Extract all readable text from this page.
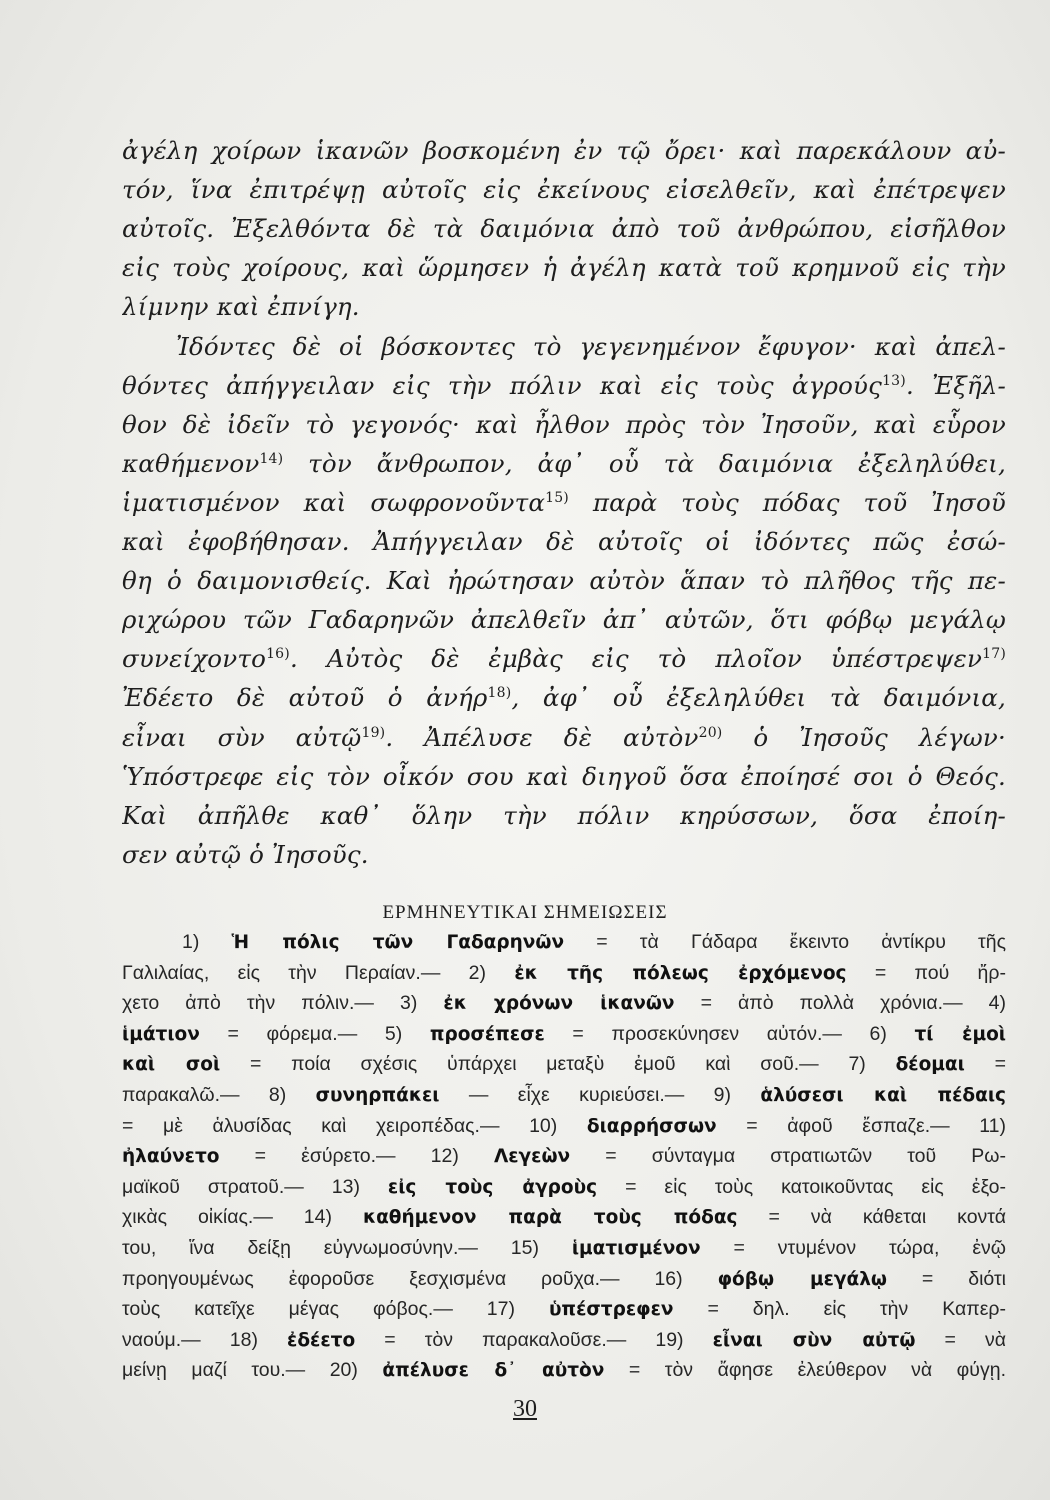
ἀγέλη χοίρων ἱκανῶν βοσκομένη ἐν τῷ ὄρει· καὶ παρεκάλουν αὐ-
τόν, ἵνα ἐπιτρέψῃ αὐτοῖς εἰς ἐκείνους εἰσελθεῖν, καὶ ἐπέτρεψεν
αὐτοῖς. Ἐξελθόντα δὲ τὰ δαιμόνια ἀπὸ τοῦ ἀνθρώπου, εἰσῆλθον
εἰς τοὺς χοίρους, καὶ ὥρμησεν ἡ ἀγέλη κατὰ τοῦ κρημνοῦ εἰς τὴν
λίμνην καὶ ἐπνίγη.
Ἰδόντες δὲ οἱ βόσκοντες τὸ γεγενημένον ἔφυγον· καὶ ἀπελ-
θόντες ἀπήγγειλαν εἰς τὴν πόλιν καὶ εἰς τοὺς ἀγρούς$^{13)}$. Ἐξῆλ-
θον δὲ ἰδεῖν τὸ γεγονός· καὶ ἦλθον πρὸς τὸν Ἰησοῦν, καὶ εὗρον
καθήμενον$^{14)}$ τὸν ἄνθρωπον, ἀφ᾽ οὗ τὰ δαιμόνια ἐξεληλύθει,
ἱματισμένον καὶ σωφρονοῦντα$^{15)}$ παρὰ τοὺς πόδας τοῦ Ἰησοῦ
καὶ ἐφοβήθησαν. Ἀπήγγειλαν δὲ αὐτοῖς οἱ ἰδόντες πῶς ἐσώ-
θη ὁ δαιμονισθείς. Καὶ ἠρώτησαν αὐτὸν ἅπαν τὸ πλῆθος τῆς πε-
ριχώρου τῶν Γαδαρηνῶν ἀπελθεῖν ἀπ᾽ αὐτῶν, ὅτι φόβῳ μεγάλῳ
συνείχοντο$^{16)}$. Αὐτὸς δὲ ἐμβὰς εἰς τὸ πλοῖον ὑπέστρεψεν$^{17)}$
Ἐδέετο δὲ αὐτοῦ ὁ ἀνήρ$^{18)}$, ἀφ᾽ οὗ ἐξεληλύθει τὰ δαιμόνια,
εἶναι σὺν αὐτῷ$^{19)}$. Ἀπέλυσε δὲ αὐτὸν$^{20)}$ ὁ Ἰησοῦς λέγων·
Ὑπόστρεφε εἰς τὸν οἶκόν σου καὶ διηγοῦ ὅσα ἐποίησέ σοι ὁ Θεός.
Καὶ ἀπῆλθε καθ᾽ ὅλην τὴν πόλιν κηρύσσων, ὅσα ἐποίη-
σεν αὐτῷ ὁ Ἰησοῦς.
ΕΡΜΗΝΕΥΤΙΚΑΙ ΣΗΜΕΙΩΣΕΙΣ
1) Ἡ πόλις τῶν Γαδαρηνῶν = τὰ Γάδαρα ἔκειντο ἀντίκρυ τῆς
Γαλιλαίας, εἰς τὴν Περαίαν.— 2) ἐκ τῆς πόλεως ἐρχόμενος = πού ἤρ-
χετο ἀπὸ τὴν πόλιν.— 3) ἐκ χρόνων ἱκανῶν = ἀπὸ πολλὰ χρόνια.— 4)
ἱμάτιον = φόρεμα.— 5) προσέπεσε = προσεκύνησεν αὐτόν.— 6) τί ἐμοὶ
καὶ σοὶ = ποία σχέσις ὑπάρχει μεταξὺ ἐμοῦ καὶ σοῦ.— 7) δέομαι =
παρακαλῶ.— 8) συνηρπάκει — εἶχε κυριεύσει.— 9) ἁλύσεσι καὶ πέδαις
= μὲ ἁλυσίδας καὶ χειροπέδας.— 10) διαρρήσσων = ἀφοῦ ἔσπαζε.— 11)
ἠλαύνετο = ἐσύρετο.— 12) Λεγεὼν = σύνταγμα στρατιωτῶν τοῦ Ρω-
μαϊκοῦ στρατοῦ.— 13) εἰς τοὺς ἀγροὺς = εἰς τοὺς κατοικοῦντας εἰς ἐξο-
χικὰς οἰκίας.— 14) καθήμενον παρὰ τοὺς πόδας = νὰ κάθεται κοντά
του, ἵνα δείξῃ εὐγνωμοσύνην.— 15) ἱματισμένον = ντυμένον τώρα, ἐνῷ
προηγουμένως ἐφοροῦσε ξεσχισμένα ροῦχα.— 16) φόβῳ μεγάλῳ = διότι
τοὺς κατεῖχε μέγας φόβος.— 17) ὑπέστρεφεν = δηλ. εἰς τὴν Καπερ-
ναούμ.— 18) ἐδέετο = τὸν παρακαλοῦσε.— 19) εἶναι σὺν αὐτῷ = νὰ
μείνῃ μαζί του.— 20) ἀπέλυσε δ᾽ αὐτὸν = τὸν ἄφησε ἐλεύθερον νὰ φύγῃ.
30
